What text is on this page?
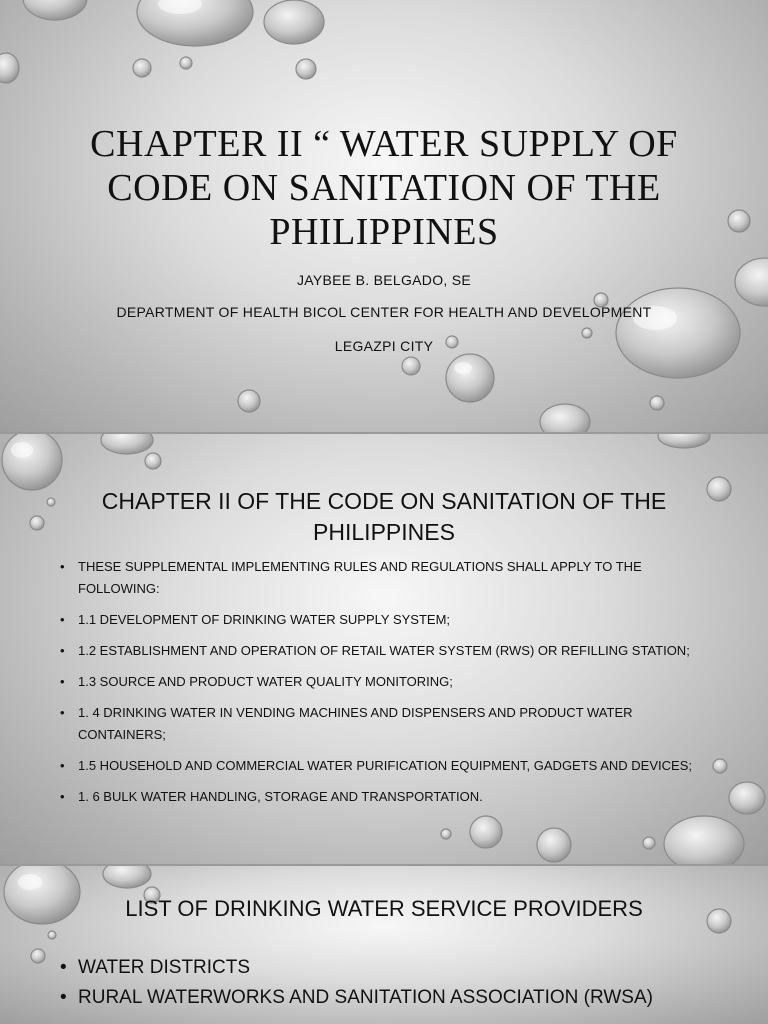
CHAPTER II “ WATER SUPPLY OF CODE ON SANITATION OF THE PHILIPPINES

JAYBEE B. BELGADO, SE

DEPARTMENT OF HEALTH BICOL CENTER FOR HEALTH AND DEVELOPMENT

LEGAZPI CITY

CHAPTER II OF THE CODE ON SANITATION OF THE PHILIPPINES
• THESE SUPPLEMENTAL IMPLEMENTING RULES AND REGULATIONS SHALL APPLY TO THE FOLLOWING:
• 1.1 DEVELOPMENT OF DRINKING WATER SUPPLY SYSTEM;
• 1.2 ESTABLISHMENT AND OPERATION OF RETAIL WATER SYSTEM (RWS) OR REFILLING STATION;
• 1.3 SOURCE AND PRODUCT WATER QUALITY MONITORING;
• 1. 4 DRINKING WATER IN VENDING MACHINES AND DISPENSERS AND PRODUCT WATER CONTAINERS;
• 1.5 HOUSEHOLD AND COMMERCIAL WATER PURIFICATION EQUIPMENT, GADGETS AND DEVICES;
• 1. 6 BULK WATER HANDLING, STORAGE AND TRANSPORTATION.
LIST OF DRINKING WATER SERVICE PROVIDERS
• WATER DISTRICTS
• RURAL WATERWORKS AND SANITATION ASSOCIATION (RWSA)
